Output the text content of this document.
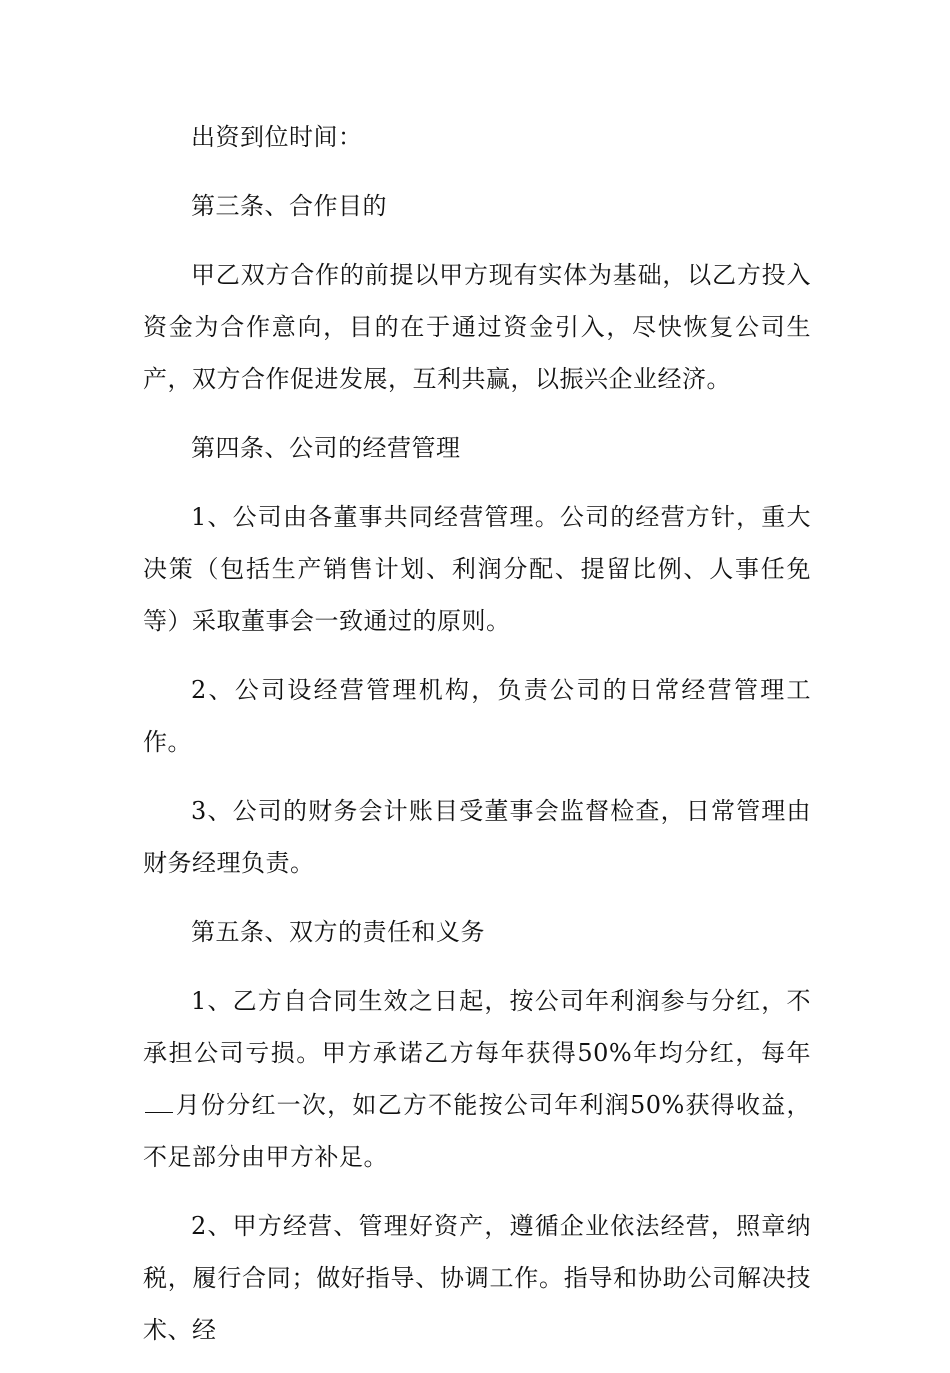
出资到位时间：

第三条、合作目的

甲乙双方合作的前提以甲方现有实体为基础，以乙方投入资金为合作意向，目的在于通过资金引入，尽快恢复公司生产，双方合作促进发展，互利共赢，以振兴企业经济。

第四条、公司的经营管理

1、公司由各董事共同经营管理。公司的经营方针，重大决策（包括生产销售计划、利润分配、提留比例、人事任免等）采取董事会一致通过的原则。

2、公司设经营管理机构，负责公司的日常经营管理工作。

3、公司的财务会计账目受董事会监督检查，日常管理由财务经理负责。

第五条、双方的责任和义务

1、乙方自合同生效之日起，按公司年利润参与分红，不承担公司亏损。甲方承诺乙方每年获得50%年均分红，每年月份分红一次，如乙方不能按公司年利润50%获得收益，不足部分由甲方补足。

2、甲方经营、管理好资产，遵循企业依法经营，照章纳税，履行合同；做好指导、协调工作。指导和协助公司解决技术、经
